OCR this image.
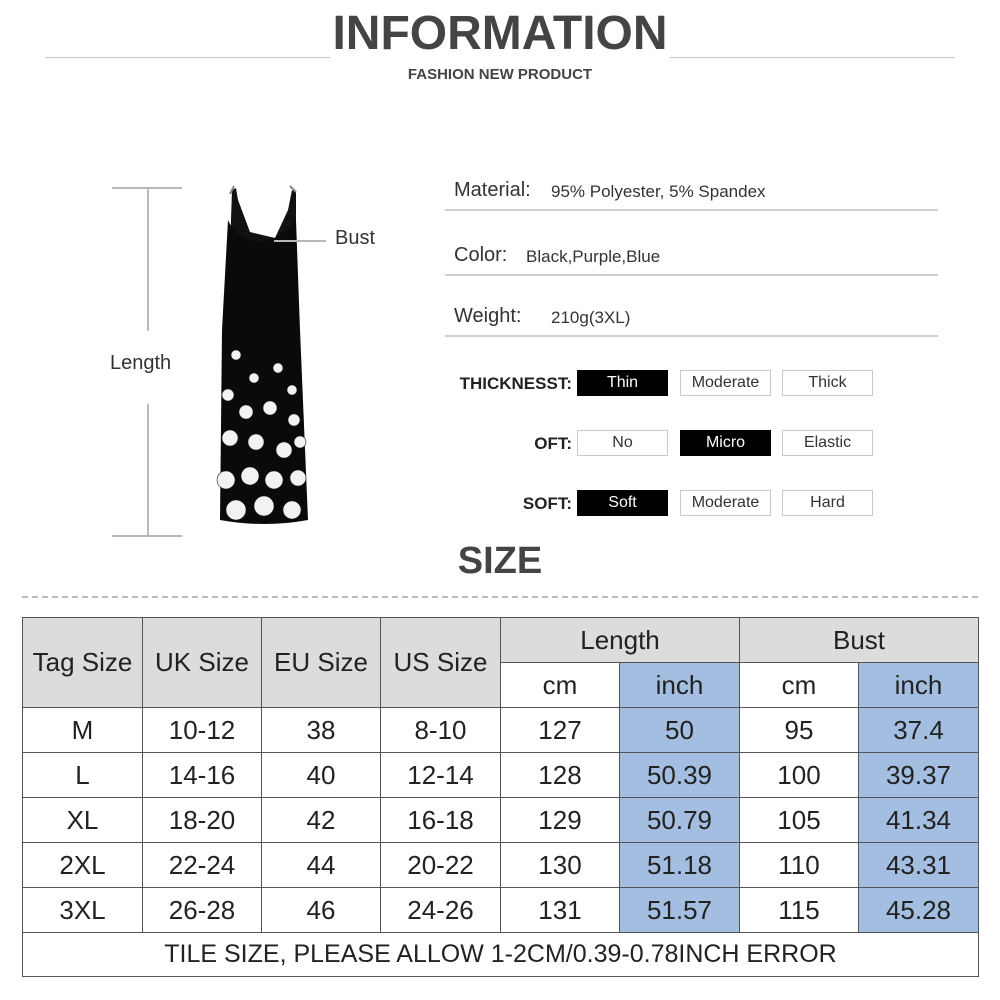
INFORMATION
FASHION NEW PRODUCT
Length
Bust
Material: 95% Polyester, 5% Spandex
Color: Black,Purple,Blue
Weight: 210g(3XL)
THICKNESST:	Thin	Moderate	Thick
OFT:	No	Micro	Elastic
SOFT:	Soft	Moderate	Hard
SIZE
Tag Size	UK Size	EU Size	US Size	Length		Bust	
				cm	inch	cm	inch
M	10-12	38	8-10	127	50	95	37.4
L	14-16	40	12-14	128	50.39	100	39.37
XL	18-20	42	16-18	129	50.79	105	41.34
2XL	22-24	44	20-22	130	51.18	110	43.31
3XL	26-28	46	24-26	131	51.57	115	45.28
TILE SIZE, PLEASE ALLOW 1-2CM/0.39-0.78INCH ERROR							
